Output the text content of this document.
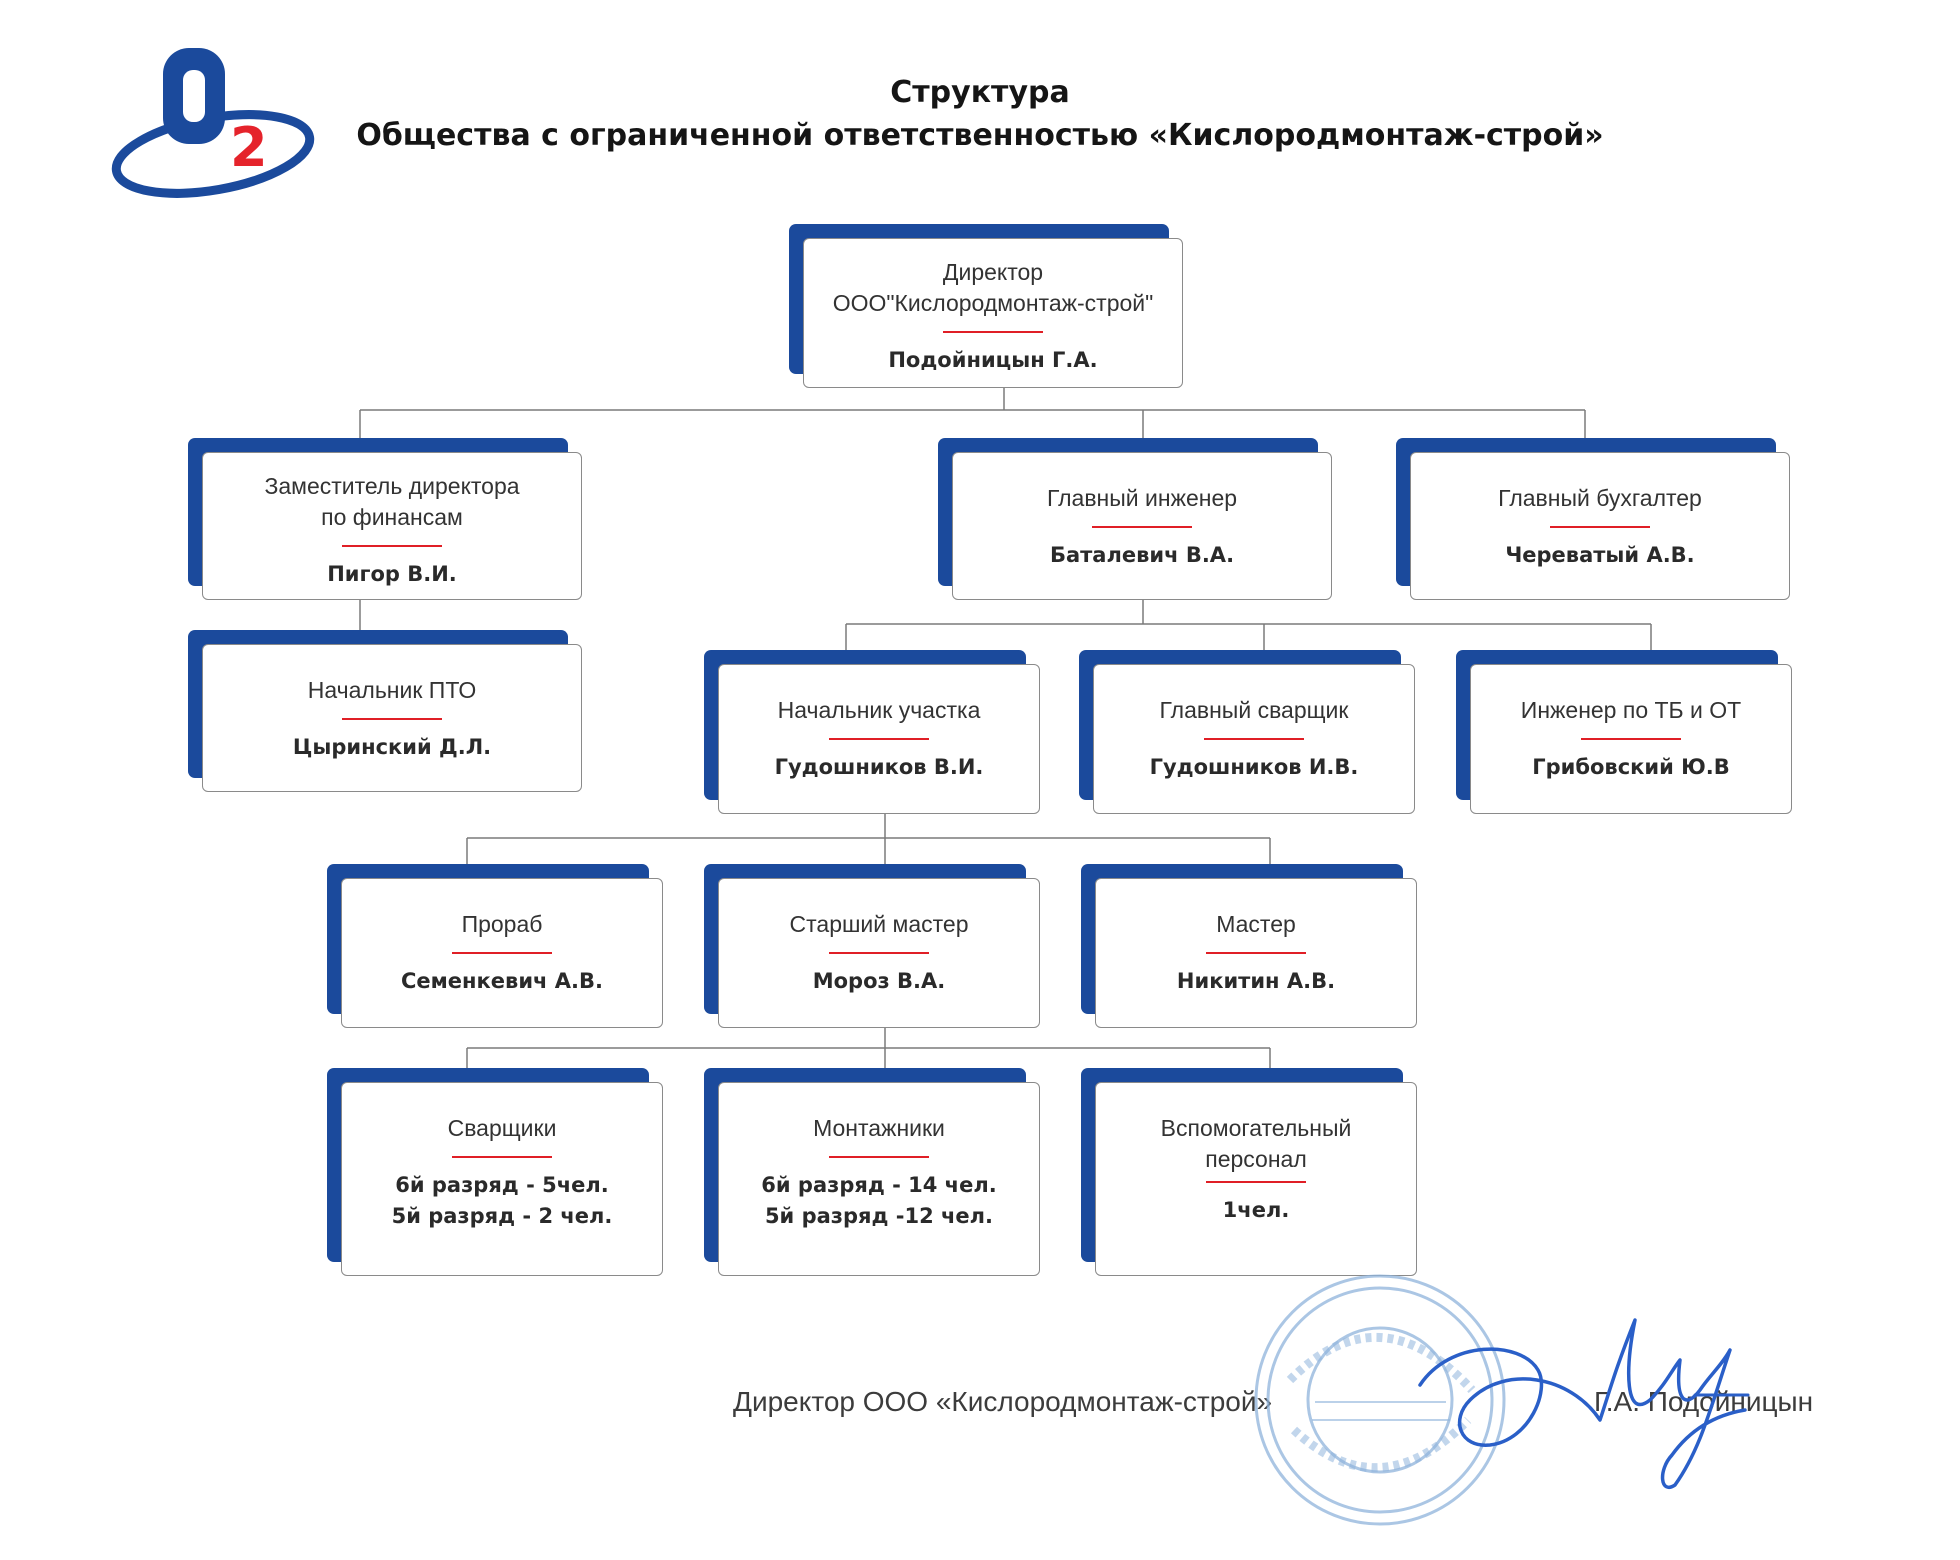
2
Структура
Общества с ограниченной ответственностью «Кислородмонтаж-строй»
Директор
ООО"Кислородмонтаж-строй"
Подойницын Г.А.
Заместитель директора
по финансам
Пигор В.И.
Главный инженер
Баталевич В.А.
Главный бухгалтер
Череватый А.В.
Начальник ПТО
Цыринский Д.Л.
Начальник участка
Гудошников В.И.
Главный сварщик
Гудошников И.В.
Инженер по ТБ и ОТ
Грибовский Ю.В
Прораб
Семенкевич А.В.
Старший мастер
Мороз В.А.
Мастер
Никитин А.В.
Сварщики
6й разряд - 5чел.
5й разряд - 2 чел.
Монтажники
6й разряд - 14 чел.
5й разряд -12 чел.
Вспомогательный
персонал
1чел.
Директор ООО «Кислородмонтаж-строй»	Г.А. Подойницын
